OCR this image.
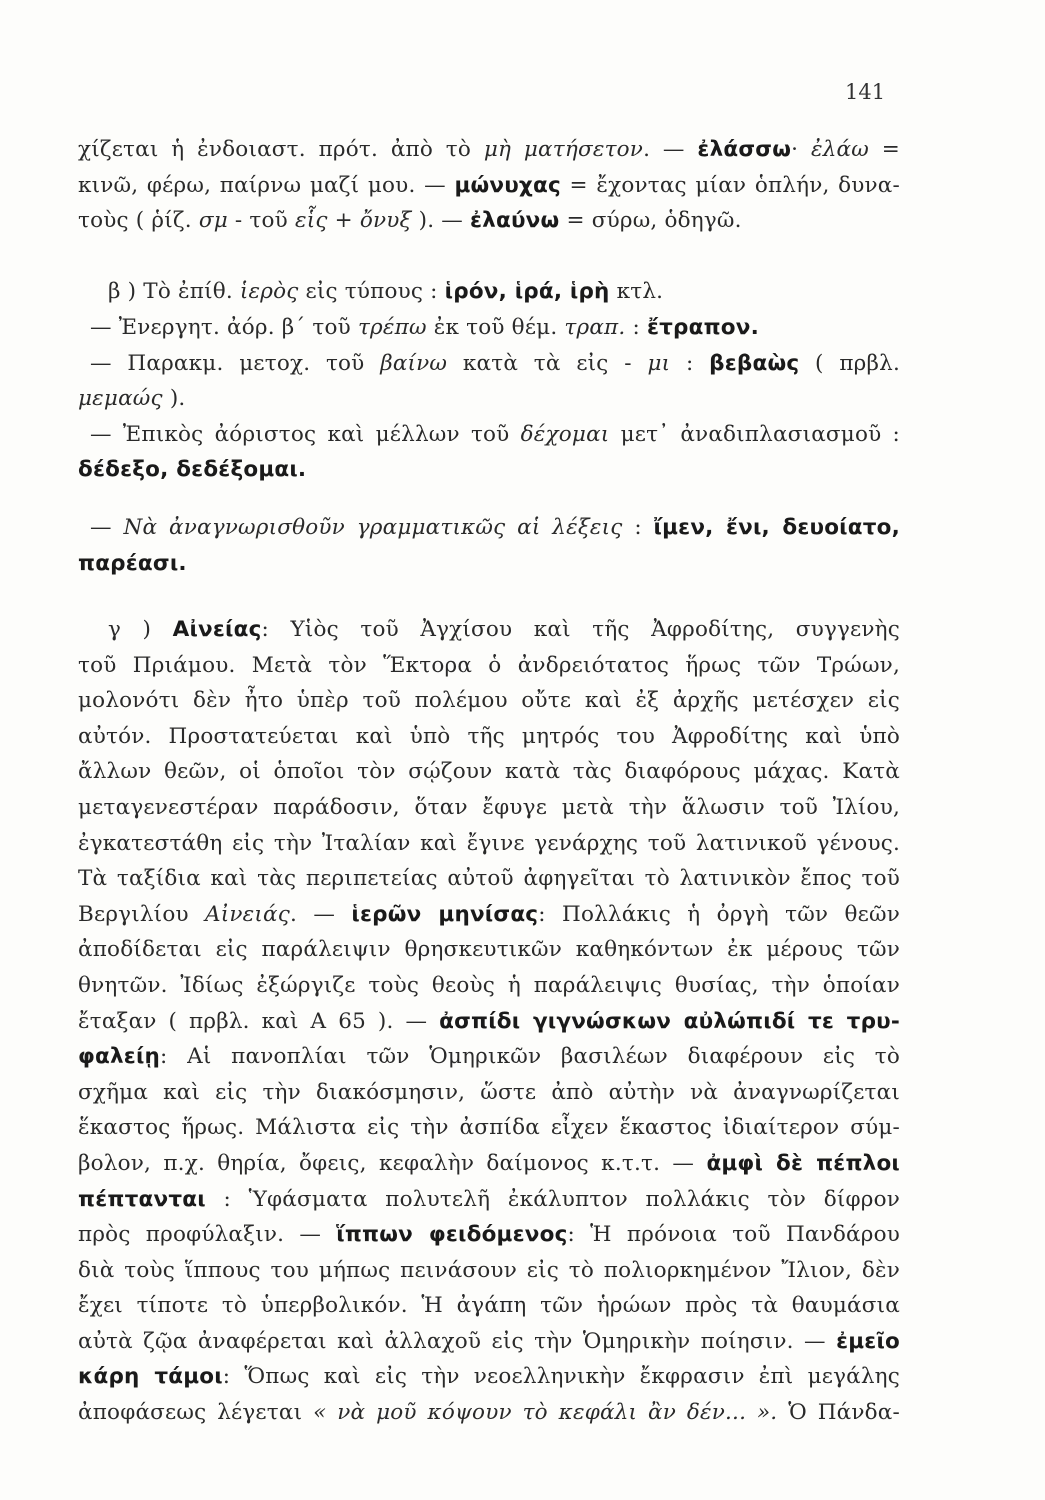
141
χίζεται ἡ ἐνδοιαστ. πρότ. ἀπὸ τὸ μὴ ματήσετον. — ἐλάσσω· ἐλάω =
κινῶ, φέρω, παίρνω μαζί μου. — μώνυχας = ἔχοντας μίαν ὁπλήν, δυνα-
τοὺς ( ῥίζ. σμ - τοῦ εἷς + ὄνυξ ). — ἐλαύνω = σύρω, ὁδηγῶ.
β ) Τὸ ἐπίθ. ἱερὸς εἰς τύπους : ἱρόν, ἱρά, ἱρὴ κτλ.
— Ἐνεργητ. ἀόρ. β΄ τοῦ τρέπω ἐκ τοῦ θέμ. τραπ. : ἔτραπον.
— Παρακμ. μετοχ. τοῦ βαίνω κατὰ τὰ εἰς - μι : βεβαὼς ( πρβλ.
μεμαώς ).
— Ἐπικὸς ἀόριστος καὶ μέλλων τοῦ δέχομαι μετ᾽ ἀναδιπλασιασμοῦ :
δέδεξο, δεδέξομαι.
— Νὰ ἀναγνωρισθοῦν γραμματικῶς αἱ λέξεις : ἴμεν, ἔνι, δευοίατο,
παρέασι.
γ ) Αἰνείας: Υἱὸς τοῦ Ἀγχίσου καὶ τῆς Ἀφροδίτης, συγγενὴς
τοῦ Πριάμου. Μετὰ τὸν Ἕκτορα ὁ ἀνδρειότατος ἥρως τῶν Τρώων,
μολονότι δὲν ἦτο ὑπὲρ τοῦ πολέμου οὔτε καὶ ἐξ ἀρχῆς μετέσχεν εἰς
αὐτόν. Προστατεύεται καὶ ὑπὸ τῆς μητρός του Ἀφροδίτης καὶ ὑπὸ
ἄλλων θεῶν, οἱ ὁποῖοι τὸν σῴζουν κατὰ τὰς διαφόρους μάχας. Κατὰ
μεταγενεστέραν παράδοσιν, ὅταν ἔφυγε μετὰ τὴν ἅλωσιν τοῦ Ἰλίου,
ἐγκατεστάθη εἰς τὴν Ἰταλίαν καὶ ἔγινε γενάρχης τοῦ λατινικοῦ γένους.
Τὰ ταξίδια καὶ τὰς περιπετείας αὐτοῦ ἀφηγεῖται τὸ λατινικὸν ἔπος τοῦ
Βεργιλίου Αἰνειάς. — ἱερῶν μηνίσας: Πολλάκις ἡ ὀργὴ τῶν θεῶν
ἀποδίδεται εἰς παράλειψιν θρησκευτικῶν καθηκόντων ἐκ μέρους τῶν
θνητῶν. Ἰδίως ἐξώργιζε τοὺς θεοὺς ἡ παράλειψις θυσίας, τὴν ὁποίαν
ἔταξαν ( πρβλ. καὶ Α 65 ). — ἀσπίδι γιγνώσκων αὐλώπιδί τε τρυ-
φαλείῃ: Αἱ πανοπλίαι τῶν Ὁμηρικῶν βασιλέων διαφέρουν εἰς τὸ
σχῆμα καὶ εἰς τὴν διακόσμησιν, ὥστε ἀπὸ αὐτὴν νὰ ἀναγνωρίζεται
ἕκαστος ἥρως. Μάλιστα εἰς τὴν ἀσπίδα εἶχεν ἕκαστος ἰδιαίτερον σύμ-
βολον, π.χ. θηρία, ὄφεις, κεφαλὴν δαίμονος κ.τ.τ. — ἀμφὶ δὲ πέπλοι
πέπτανται : Ὑφάσματα πολυτελῆ ἐκάλυπτον πολλάκις τὸν δίφρον
πρὸς προφύλαξιν. — ἵππων φειδόμενος: Ἡ πρόνοια τοῦ Πανδάρου
διὰ τοὺς ἵππους του μήπως πεινάσουν εἰς τὸ πολιορκημένον Ἴλιον, δὲν
ἔχει τίποτε τὸ ὑπερβολικόν. Ἡ ἀγάπη τῶν ἡρώων πρὸς τὰ θαυμάσια
αὐτὰ ζῷα ἀναφέρεται καὶ ἀλλαχοῦ εἰς τὴν Ὁμηρικὴν ποίησιν. — ἐμεῖο
κάρη τάμοι: Ὅπως καὶ εἰς τὴν νεοελληνικὴν ἔκφρασιν ἐπὶ μεγάλης
ἀποφάσεως λέγεται « νὰ μοῦ κόψουν τὸ κεφάλι ἂν δέν... ». Ὁ Πάνδα-
